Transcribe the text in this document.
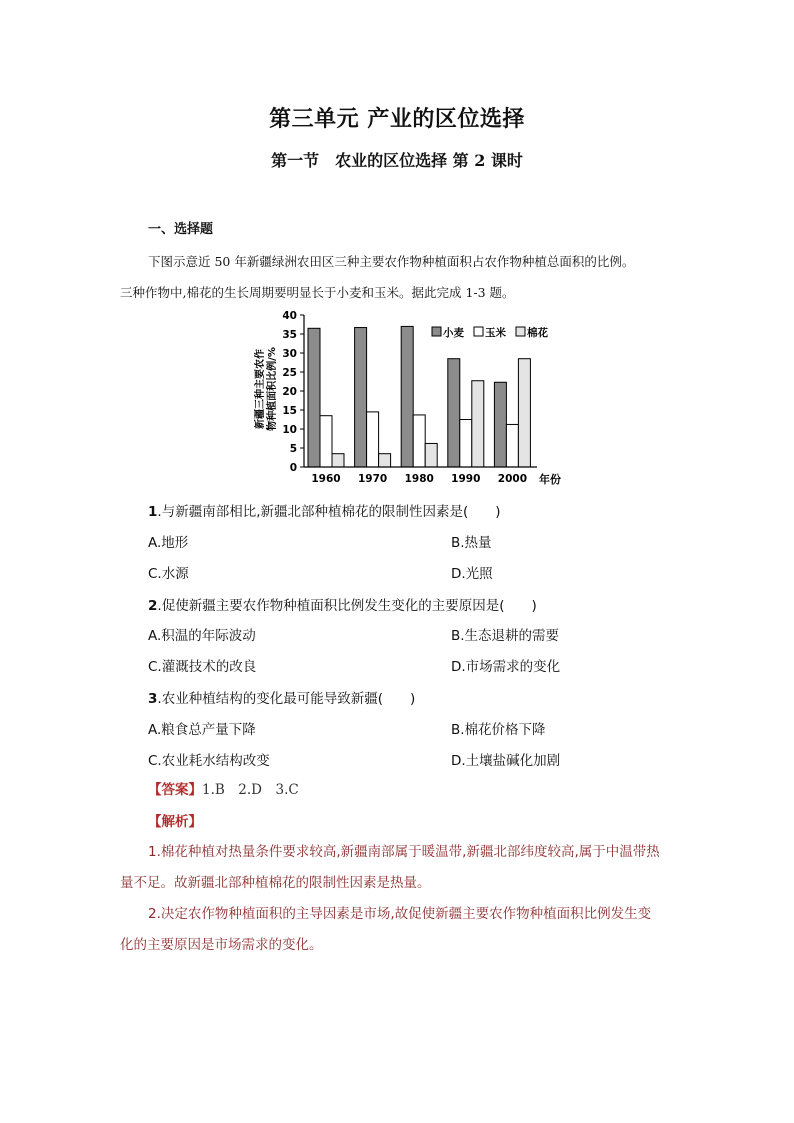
第三单元 产业的区位选择
第一节　农业的区位选择 第 2 课时
一、选择题
下图示意近 50 年新疆绿洲农田区三种主要农作物种植面积占农作物种植总面积的比例。
三种作物中,棉花的生长周期要明显长于小麦和玉米。据此完成 1-3 题。
新疆三种主要农作 物种植面积比例/%
0
5
10
15
20
25
30
35
40
1960 1970 1980 1990 2000 年份
小麦 玉米 棉花
1.与新疆南部相比,新疆北部种植棉花的限制性因素是(　　)
A.地形	B.热量
C.水源	D.光照
2.促使新疆主要农作物种植面积比例发生变化的主要原因是(　　)
A.积温的年际波动	B.生态退耕的需要
C.灌溉技术的改良	D.市场需求的变化
3.农业种植结构的变化最可能导致新疆(　　)
A.粮食总产量下降	B.棉花价格下降
C.农业耗水结构改变	D.土壤盐碱化加剧
【答案】1.B　2.D　3.C
【解析】
1.棉花种植对热量条件要求较高,新疆南部属于暖温带,新疆北部纬度较高,属于中温带热
量不足。故新疆北部种植棉花的限制性因素是热量。
2.决定农作物种植面积的主导因素是市场,故促使新疆主要农作物种植面积比例发生变
化的主要原因是市场需求的变化。
